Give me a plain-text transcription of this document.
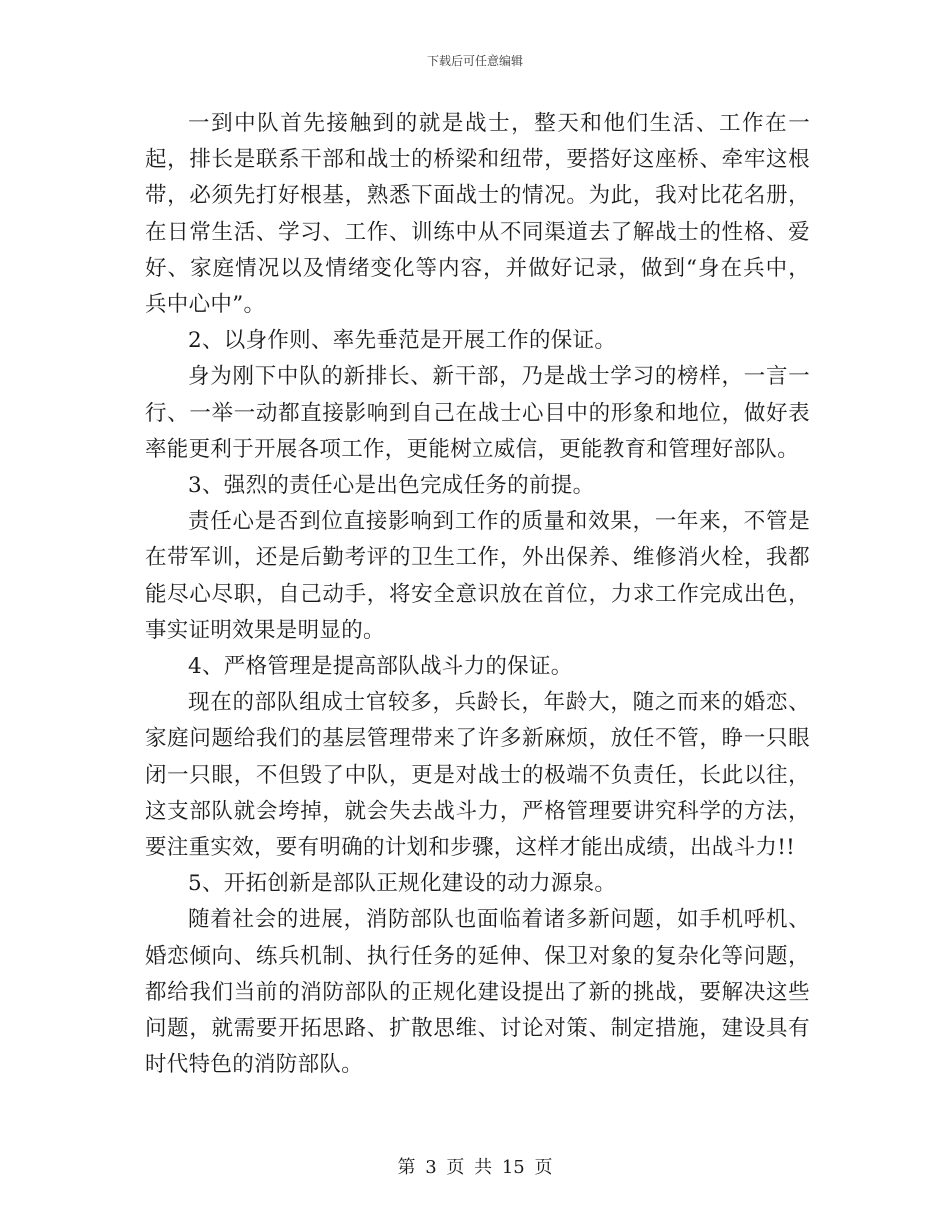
下载后可任意编辑

一到中队首先接触到的就是战士，整天和他们生活、工作在一起，排长是联系干部和战士的桥梁和纽带，要搭好这座桥、牵牢这根带，必须先打好根基，熟悉下面战士的情况。为此，我对比花名册，在日常生活、学习、工作、训练中从不同渠道去了解战士的性格、爱好、家庭情况以及情绪变化等内容，并做好记录，做到“身在兵中，兵中心中”。

2、以身作则、率先垂范是开展工作的保证。

身为刚下中队的新排长、新干部，乃是战士学习的榜样，一言一行、一举一动都直接影响到自己在战士心目中的形象和地位，做好表率能更利于开展各项工作，更能树立威信，更能教育和管理好部队。

3、强烈的责任心是出色完成任务的前提。

责任心是否到位直接影响到工作的质量和效果，一年来，不管是在带军训，还是后勤考评的卫生工作，外出保养、维修消火栓，我都能尽心尽职，自己动手，将安全意识放在首位，力求工作完成出色，事实证明效果是明显的。

4、严格管理是提高部队战斗力的保证。

现在的部队组成士官较多，兵龄长，年龄大，随之而来的婚恋、家庭问题给我们的基层管理带来了许多新麻烦，放任不管，睁一只眼闭一只眼，不但毁了中队，更是对战士的极端不负责任，长此以往，这支部队就会垮掉，就会失去战斗力，严格管理要讲究科学的方法，要注重实效，要有明确的计划和步骤，这样才能出成绩，出战斗力!!

5、开拓创新是部队正规化建设的动力源泉。

随着社会的进展，消防部队也面临着诸多新问题，如手机呼机、婚恋倾向、练兵机制、执行任务的延伸、保卫对象的复杂化等问题，都给我们当前的消防部队的正规化建设提出了新的挑战，要解决这些问题，就需要开拓思路、扩散思维、讨论对策、制定措施，建设具有时代特色的消防部队。

第 3 页 共 15 页
